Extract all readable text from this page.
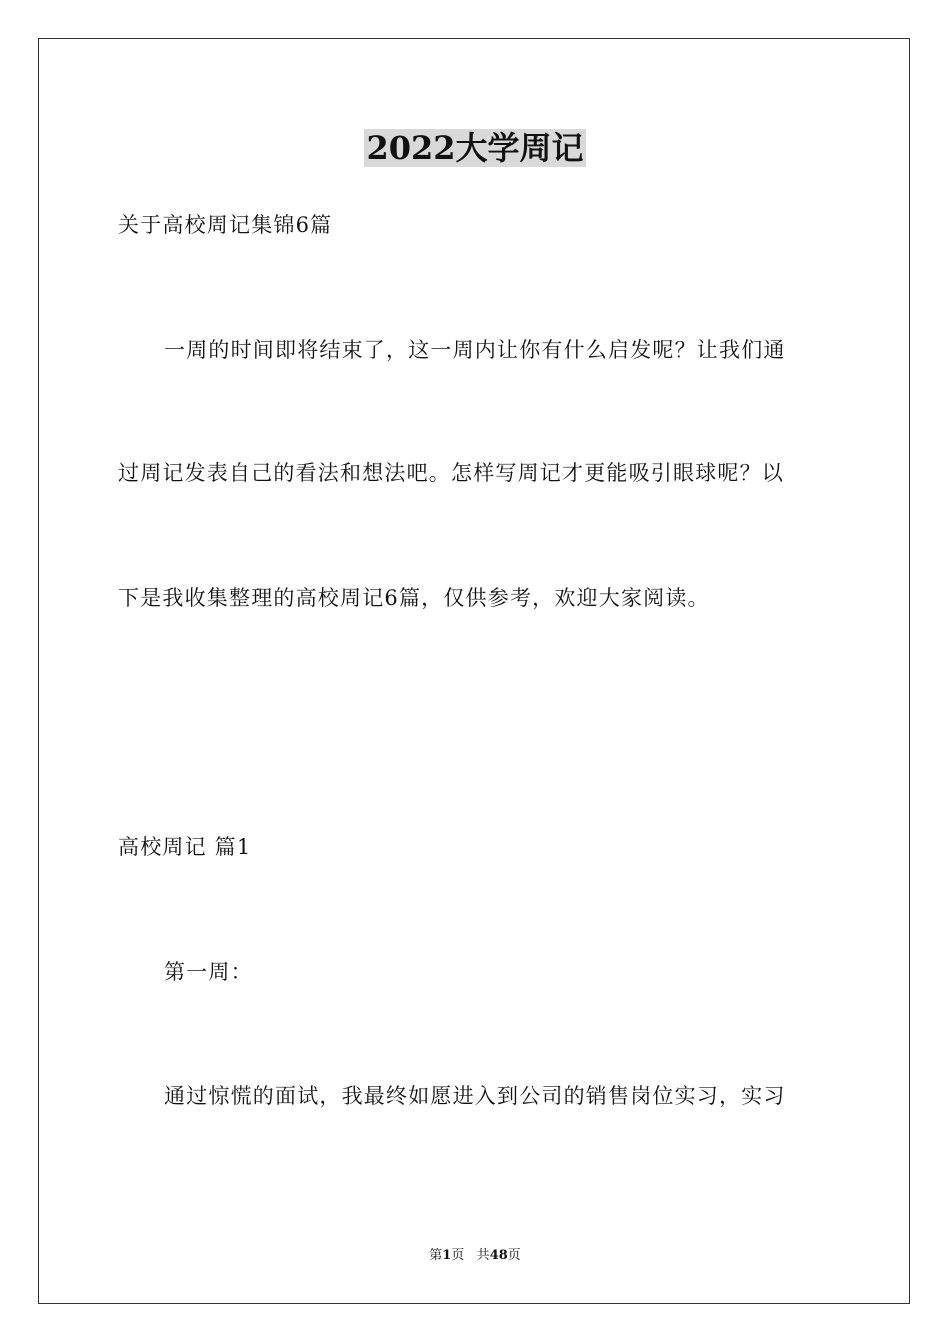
2022大学周记
关于高校周记集锦6篇
一周的时间即将结束了，这一周内让你有什么启发呢？让我们通
过周记发表自己的看法和想法吧。怎样写周记才更能吸引眼球呢？以
下是我收集整理的高校周记6篇，仅供参考，欢迎大家阅读。
高校周记 篇1
第一周：
通过惊慌的面试，我最终如愿进入到公司的销售岗位实习，实习
第1页 共48页
